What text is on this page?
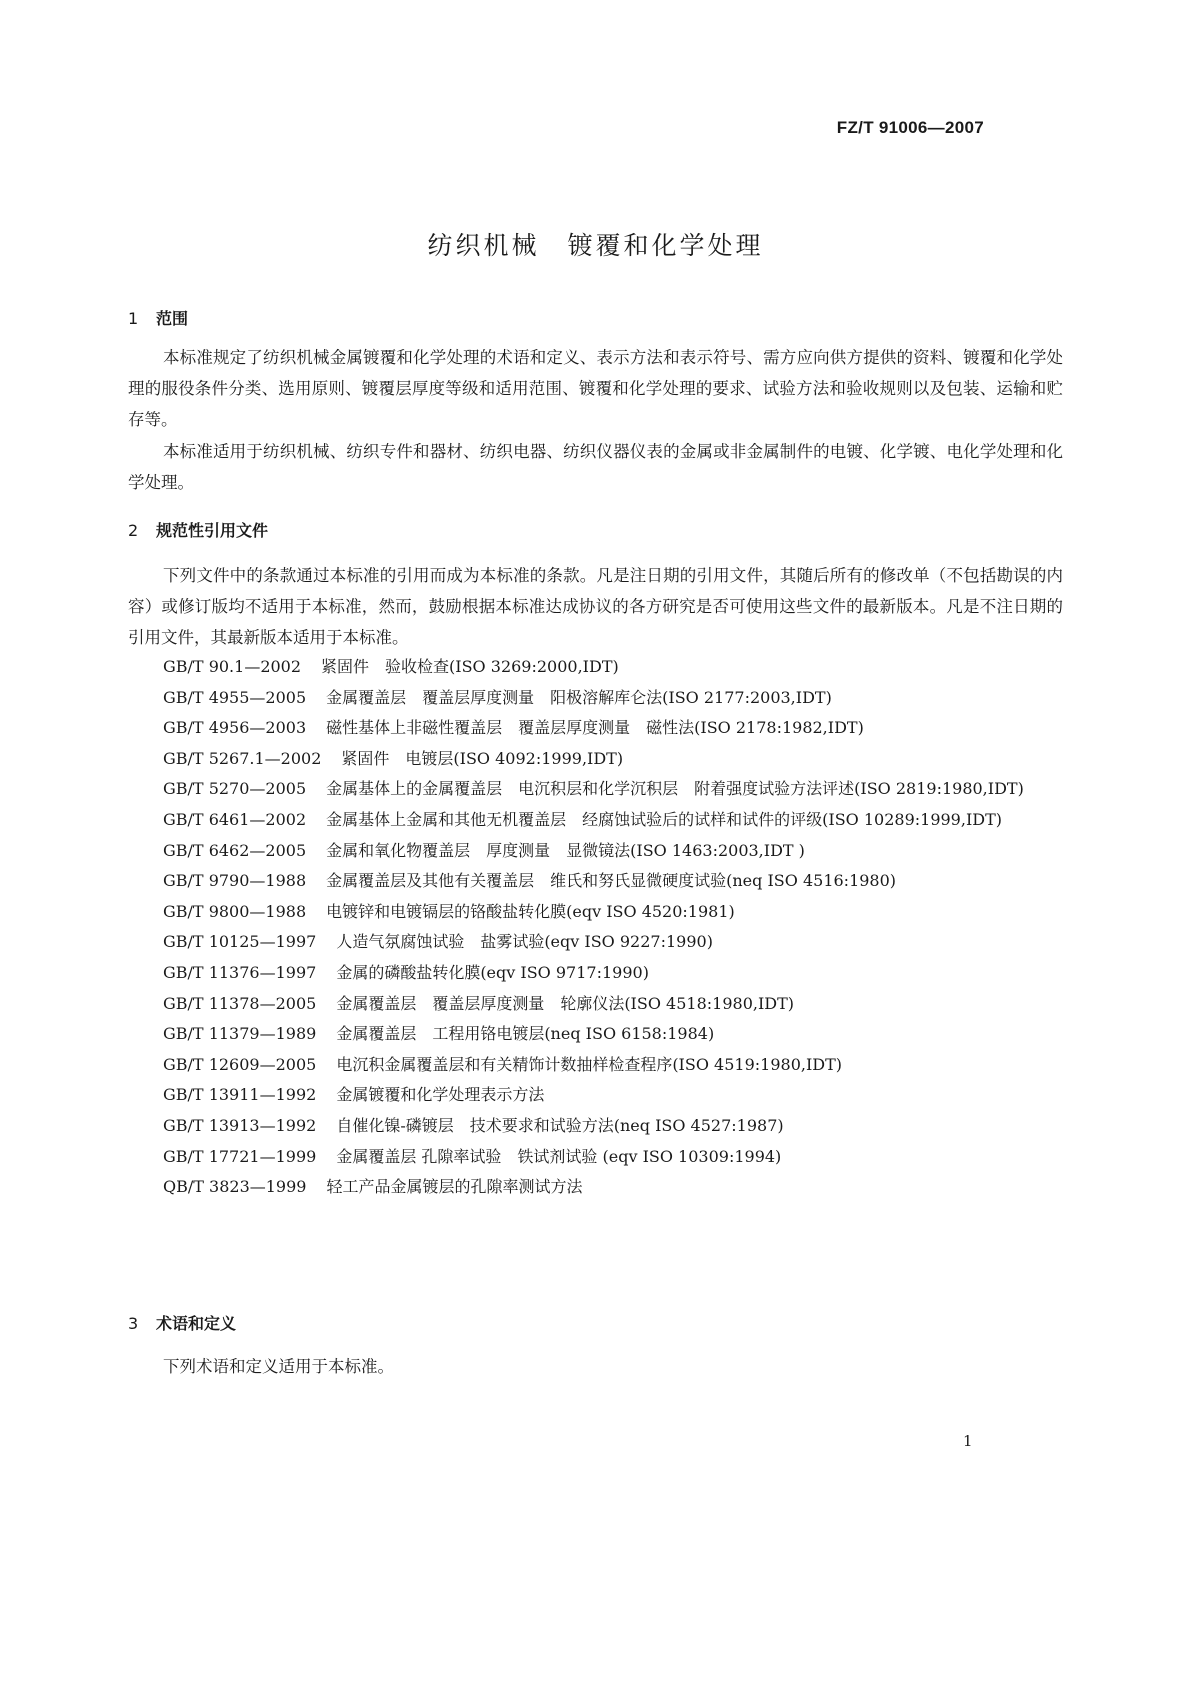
FZ/T 91006—2007
纺织机械　镀覆和化学处理
1 范围
本标准规定了纺织机械金属镀覆和化学处理的术语和定义、表示方法和表示符号、需方应向供方提供的资料、镀覆和化学处理的服役条件分类、选用原则、镀覆层厚度等级和适用范围、镀覆和化学处理的要求、试验方法和验收规则以及包装、运输和贮存等。
本标准适用于纺织机械、纺织专件和器材、纺织电器、纺织仪器仪表的金属或非金属制件的电镀、化学镀、电化学处理和化学处理。
2 规范性引用文件
下列文件中的条款通过本标准的引用而成为本标准的条款。凡是注日期的引用文件，其随后所有的修改单（不包括勘误的内容）或修订版均不适用于本标准，然而，鼓励根据本标准达成协议的各方研究是否可使用这些文件的最新版本。凡是不注日期的引用文件，其最新版本适用于本标准。
GB/T 90.1—2002 紧固件　验收检查(ISO 3269:2000,IDT)
GB/T 4955—2005 金属覆盖层　覆盖层厚度测量　阳极溶解库仑法(ISO 2177:2003,IDT)
GB/T 4956—2003 磁性基体上非磁性覆盖层　覆盖层厚度测量　磁性法(ISO 2178:1982,IDT)
GB/T 5267.1—2002 紧固件　电镀层(ISO 4092:1999,IDT)
GB/T 5270—2005 金属基体上的金属覆盖层　电沉积层和化学沉积层　附着强度试验方法评述(ISO 2819:1980,IDT)
GB/T 6461—2002 金属基体上金属和其他无机覆盖层　经腐蚀试验后的试样和试件的评级(ISO 10289:1999,IDT)
GB/T 6462—2005 金属和氧化物覆盖层　厚度测量　显微镜法(ISO 1463:2003,IDT )
GB/T 9790—1988 金属覆盖层及其他有关覆盖层　维氏和努氏显微硬度试验(neq ISO 4516:1980)
GB/T 9800—1988 电镀锌和电镀镉层的铬酸盐转化膜(eqv ISO 4520:1981)
GB/T 10125—1997 人造气氛腐蚀试验　盐雾试验(eqv ISO 9227:1990)
GB/T 11376—1997 金属的磷酸盐转化膜(eqv ISO 9717:1990)
GB/T 11378—2005 金属覆盖层　覆盖层厚度测量　轮廓仪法(ISO 4518:1980,IDT)
GB/T 11379—1989 金属覆盖层　工程用铬电镀层(neq ISO 6158:1984)
GB/T 12609—2005 电沉积金属覆盖层和有关精饰计数抽样检查程序(ISO 4519:1980,IDT)
GB/T 13911—1992 金属镀覆和化学处理表示方法
GB/T 13913—1992 自催化镍-磷镀层　技术要求和试验方法(neq ISO 4527:1987)
GB/T 17721—1999 金属覆盖层 孔隙率试验　铁试剂试验 (eqv ISO 10309:1994)
QB/T 3823—1999 轻工产品金属镀层的孔隙率测试方法
3 术语和定义
下列术语和定义适用于本标准。
1
